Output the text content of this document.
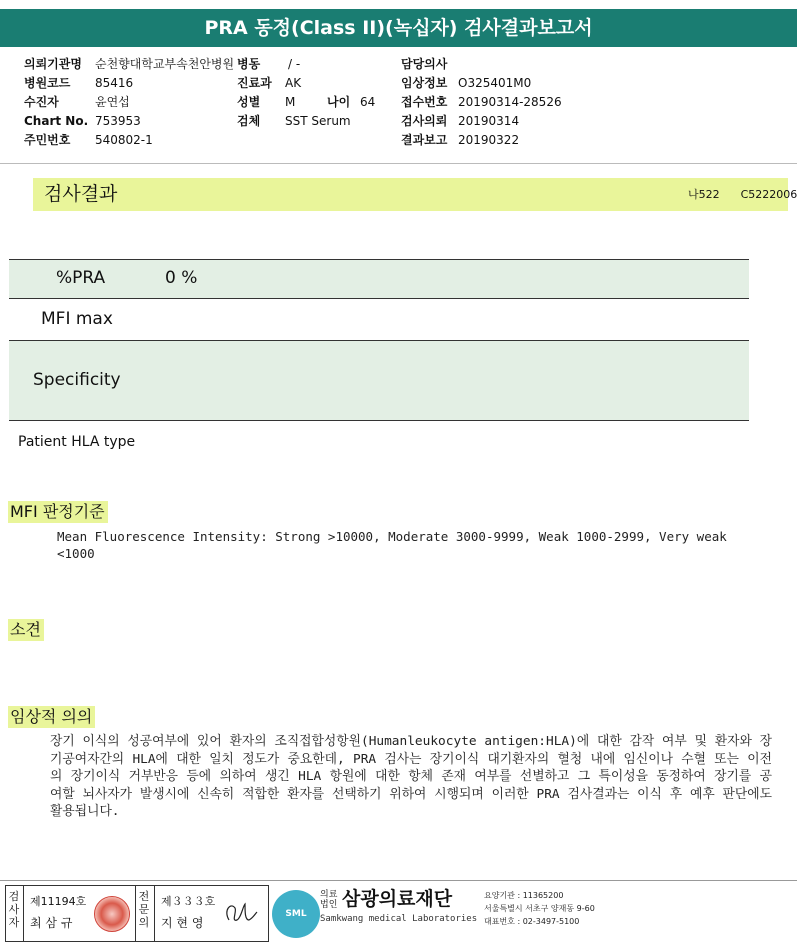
PRA 동정(Class II)(녹십자) 검사결과보고서
의뢰기관명 순천향대학교부속천안병원
병원코드 85416
수진자	윤연섭
Chart No. 753953
주민번호 540802-1
병동 / -
진료과 AK
성별 M	나이 64
검체 SST Serum
담당의사
임상정보 O325401M0
접수번호 20190314-28526
검사의뢰 20190314
결과보고 20190322
검사결과	나522 C5222006
%PRA	0 %
MFI max
Specificity
Patient HLA type
MFI 판정기준
Mean Fluorescence Intensity: Strong >10000, Moderate 3000-9999, Weak 1000-2999, Very weak <1000
소견
임상적 의의
장기 이식의 성공여부에 있어 환자의 조직접합성항원(Humanleukocyte antigen:HLA)에 대한 감작 여부 및 환자와 장기공여자간의 HLA에 대한 일치 정도가 중요한데, PRA 검사는 장기이식 대기환자의 혈청 내에 임신이나 수혈 또는 이전의 장기이식 거부반응 등에 의하여 생긴 HLA 항원에 대한 항체 존재 여부를 선별하고 그 특이성을 동정하여 장기를 공여할 뇌사자가 발생시에 신속히 적합한 환자를 선택하기 위하여 시행되며 이러한 PRA 검사결과는 이식 후 예후 판단에도 활용됩니다.
검사자
제11194호
최 삼 규
전문의
제３３３호
지 현 영
SML
의료
법인 삼광의료재단
Samkwang medical Laboratories
요양기관 : 11365200
서울특별시 서초구 양재동 9-60
대표번호 : 02-3497-5100
